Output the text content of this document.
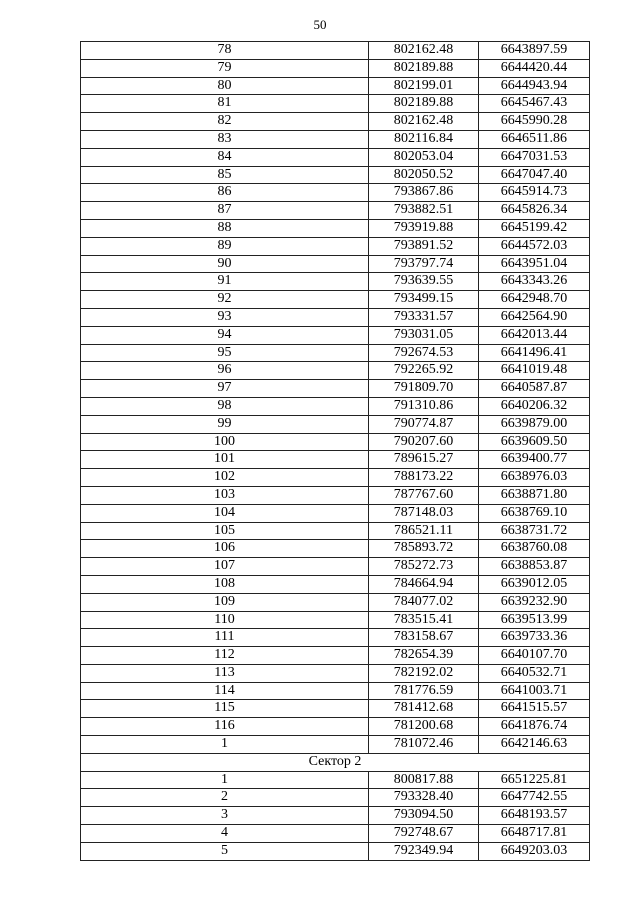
50
78	802162.48	6643897.59
79	802189.88	6644420.44
80	802199.01	6644943.94
81	802189.88	6645467.43
82	802162.48	6645990.28
83	802116.84	6646511.86
84	802053.04	6647031.53
85	802050.52	6647047.40
86	793867.86	6645914.73
87	793882.51	6645826.34
88	793919.88	6645199.42
89	793891.52	6644572.03
90	793797.74	6643951.04
91	793639.55	6643343.26
92	793499.15	6642948.70
93	793331.57	6642564.90
94	793031.05	6642013.44
95	792674.53	6641496.41
96	792265.92	6641019.48
97	791809.70	6640587.87
98	791310.86	6640206.32
99	790774.87	6639879.00
100	790207.60	6639609.50
101	789615.27	6639400.77
102	788173.22	6638976.03
103	787767.60	6638871.80
104	787148.03	6638769.10
105	786521.11	6638731.72
106	785893.72	6638760.08
107	785272.73	6638853.87
108	784664.94	6639012.05
109	784077.02	6639232.90
110	783515.41	6639513.99
111	783158.67	6639733.36
112	782654.39	6640107.70
113	782192.02	6640532.71
114	781776.59	6641003.71
115	781412.68	6641515.57
116	781200.68	6641876.74
1	781072.46	6642146.63
Сектор 2		
1	800817.88	6651225.81
2	793328.40	6647742.55
3	793094.50	6648193.57
4	792748.67	6648717.81
5	792349.94	6649203.03
